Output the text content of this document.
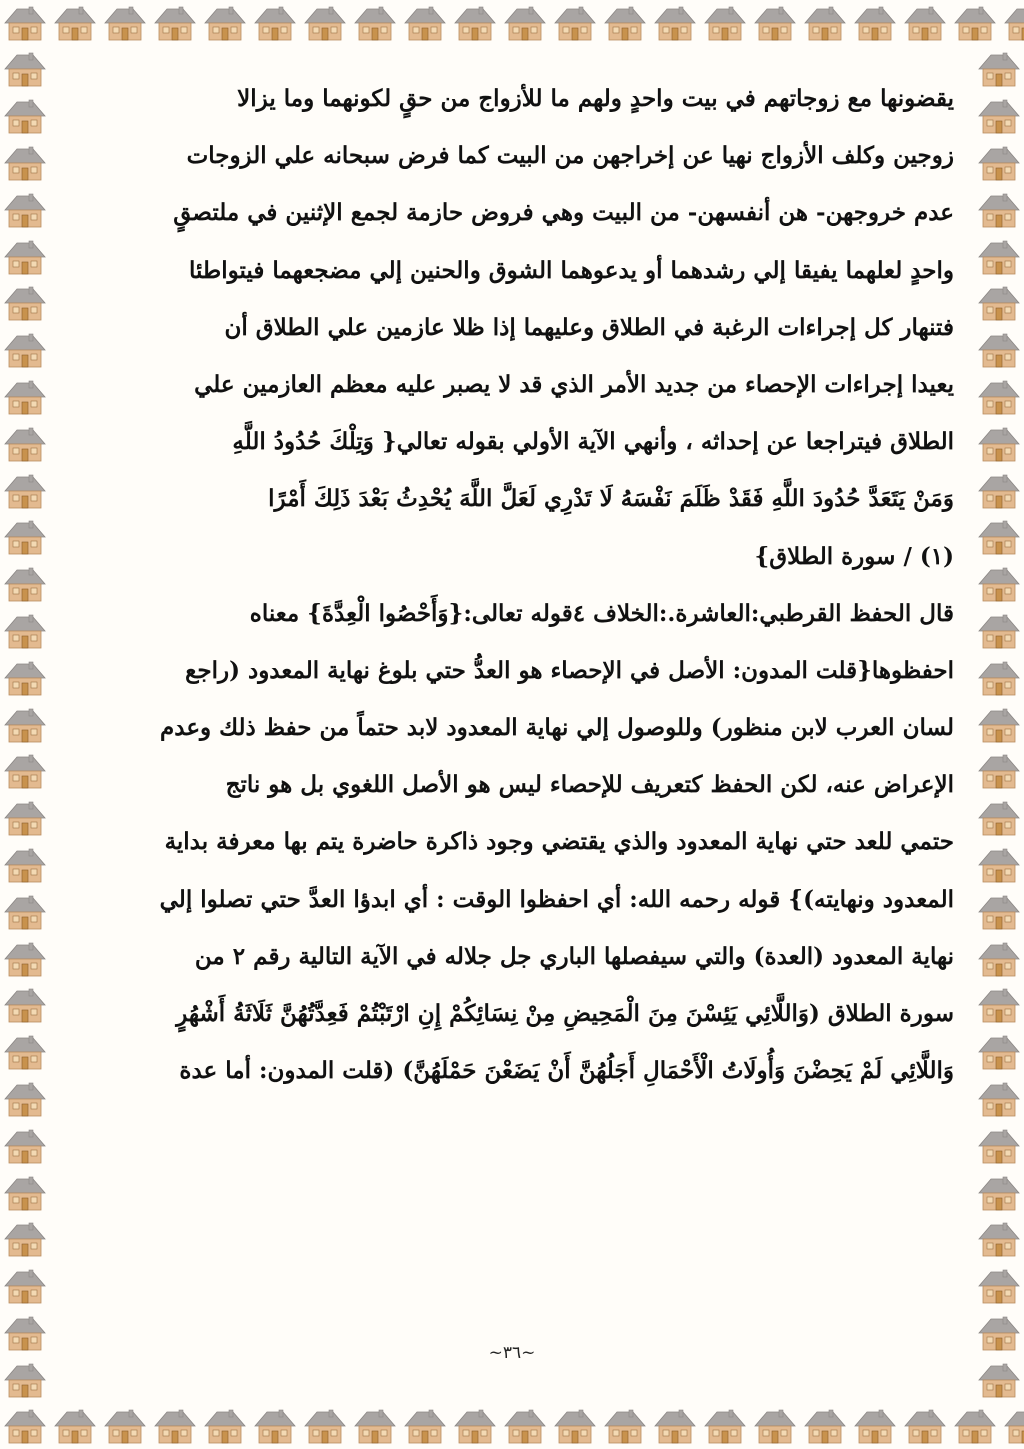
يقضونها مع زوجاتهم في بيت واحدٍ ولهم ما للأزواج من حقٍ لكونهما وما يزالا
زوجين وكلف الأزواج نهيا عن إخراجهن من البيت كما فرض سبحانه علي الزوجات
عدم خروجهن- هن أنفسهن- من البيت وهي فروض حازمة لجمع الإثنين في ملتصقٍ
واحدٍ لعلهما يفيقا إلي رشدهما أو يدعوهما الشوق والحنين إلي مضجعهما فيتواطئا
فتنهار كل إجراءات الرغبة في الطلاق وعليهما إذا ظلا عازمين علي الطلاق أن
يعيدا إجراءات الإحصاء من جديد الأمر الذي قد لا يصبر عليه معظم العازمين علي
الطلاق فيتراجعا عن إحداثه ، وأنهي الآية الأولي بقوله تعالي{ وَتِلْكَ حُدُودُ اللَّهِ
وَمَنْ يَتَعَدَّ حُدُودَ اللَّهِ فَقَدْ ظَلَمَ نَفْسَهُ لَا تَدْرِي لَعَلَّ اللَّهَ يُحْدِثُ بَعْدَ ذَلِكَ أَمْرًا
(١) / سورة الطلاق}
قال الحفظ القرطبي:العاشرة.:الخلاف ٤قوله تعالى:{وَأَحْصُوا الْعِدَّةَ} معناه
احفظوها{قلت المدون: الأصل في الإحصاء هو العدُّ حتي بلوغ نهاية المعدود (راجع
لسان العرب لابن منظور) وللوصول إلي نهاية المعدود لابد حتماً من حفظ ذلك وعدم
الإعراض عنه، لكن الحفظ كتعريف للإحصاء ليس هو الأصل اللغوي بل هو ناتج
حتمي للعد حتي نهاية المعدود والذي يقتضي وجود ذاكرة حاضرة يتم بها معرفة بداية
المعدود ونهايته)} قوله رحمه الله: أي احفظوا الوقت : أي ابدؤا العدَّ حتي تصلوا إلي
نهاية المعدود (العدة) والتي سيفصلها الباري جل جلاله في الآية التالية رقم ٢ من
سورة الطلاق (وَاللَّائِي يَئِسْنَ مِنَ الْمَحِيضِ مِنْ نِسَائِكُمْ إِنِ ارْتَبْتُمْ فَعِدَّتُهُنَّ ثَلَاثَةُ أَشْهُرٍ
وَاللَّائِي لَمْ يَحِضْنَ وَأُولَاتُ الْأَحْمَالِ أَجَلُهُنَّ أَنْ يَضَعْنَ حَمْلَهُنَّ) (قلت المدون: أما عدة
~٣٦~
